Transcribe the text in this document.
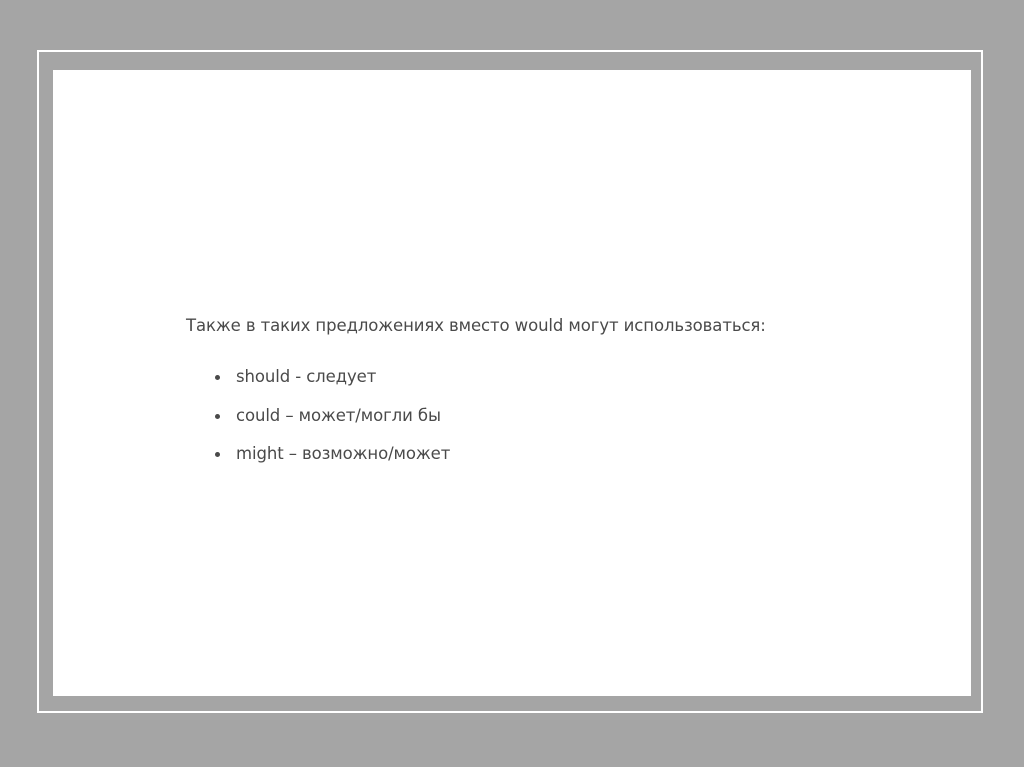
Также в таких предложениях вместо would могут использоваться:

should - следует
could – может/могли бы
might – возможно/может
